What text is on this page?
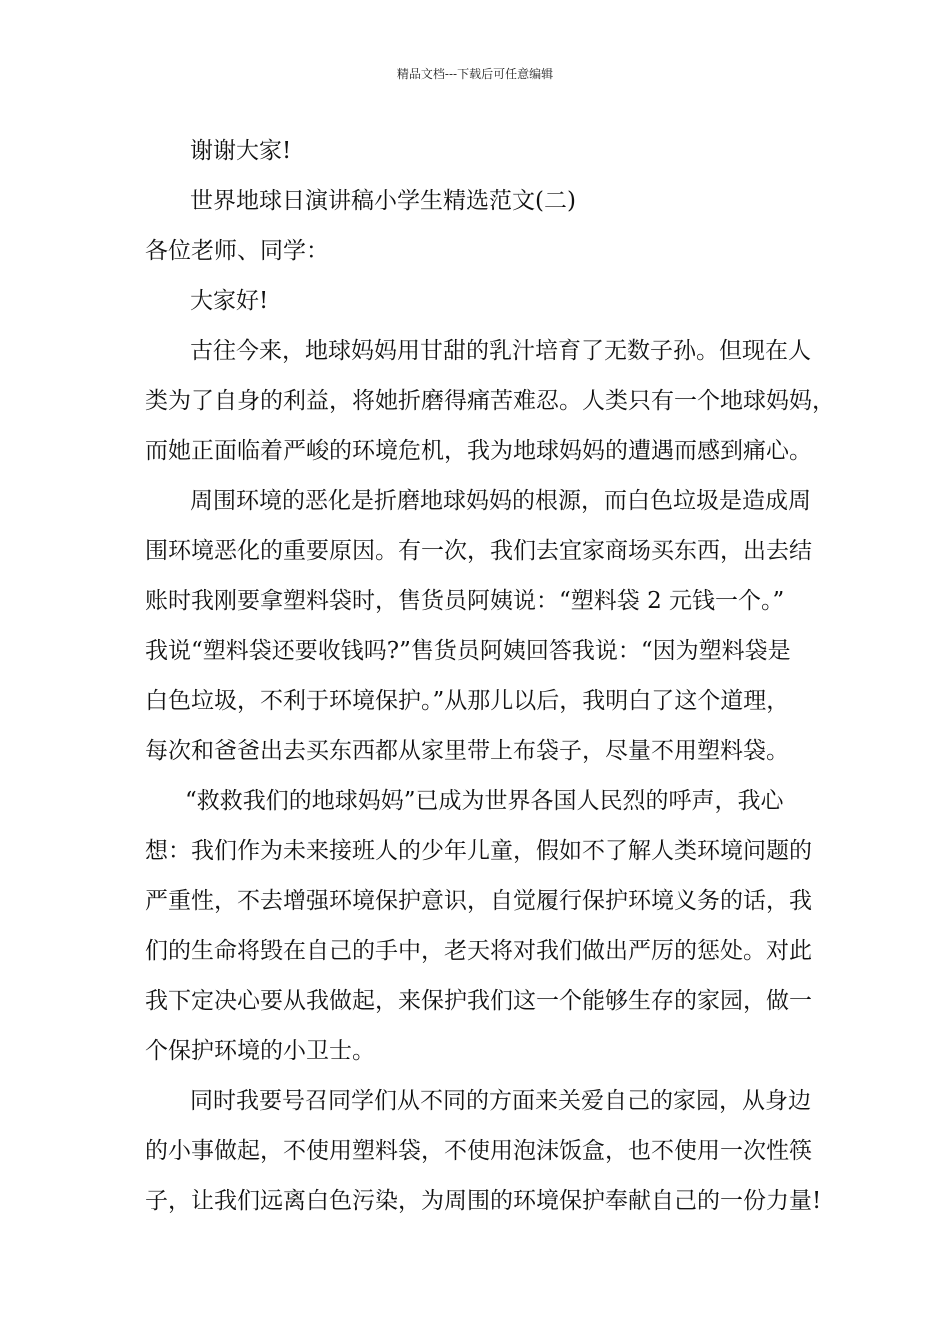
精品文档---下载后可任意编辑
谢谢大家!
世界地球日演讲稿小学生精选范文(二)
各位老师、同学：
大家好!
古往今来，地球妈妈用甘甜的乳汁培育了无数子孙。但现在人
类为了自身的利益，将她折磨得痛苦难忍。人类只有一个地球妈妈，
而她正面临着严峻的环境危机，我为地球妈妈的遭遇而感到痛心。
周围环境的恶化是折磨地球妈妈的根源，而白色垃圾是造成周
围环境恶化的重要原因。有一次，我们去宜家商场买东西，出去结
账时我刚要拿塑料袋时，售货员阿姨说：“塑料袋 2 元钱一个。”
我说“塑料袋还要收钱吗?”售货员阿姨回答我说：“因为塑料袋是
白色垃圾，不利于环境保护。”从那儿以后，我明白了这个道理，
每次和爸爸出去买东西都从家里带上布袋子，尽量不用塑料袋。
“救救我们的地球妈妈”已成为世界各国人民烈的呼声，我心
想：我们作为未来接班人的少年儿童，假如不了解人类环境问题的
严重性，不去增强环境保护意识，自觉履行保护环境义务的话，我
们的生命将毁在自己的手中，老天将对我们做出严厉的惩处。对此
我下定决心要从我做起，来保护我们这一个能够生存的家园，做一
个保护环境的小卫士。
同时我要号召同学们从不同的方面来关爱自己的家园，从身边
的小事做起，不使用塑料袋，不使用泡沫饭盒，也不使用一次性筷
子，让我们远离白色污染，为周围的环境保护奉献自己的一份力量!
